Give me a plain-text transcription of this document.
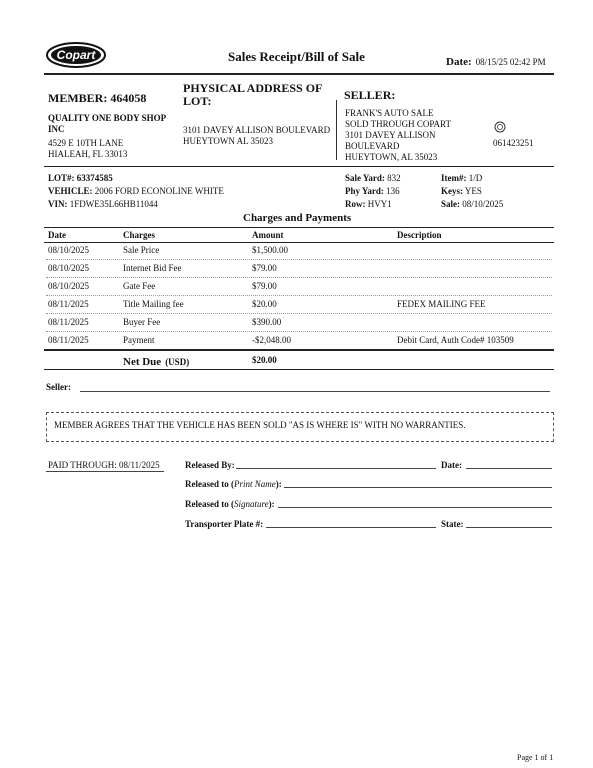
Copart	Sales Receipt/Bill of Sale	Date: 08/15/25 02:42 PM
MEMBER: 464058
QUALITY ONE BODY SHOP
INC
4529 E 10TH LANE
HIALEAH, FL 33013
PHYSICAL ADDRESS OF
LOT:
3101 DAVEY ALLISON BOULEVARD
HUEYTOWN AL 35023
SELLER:
FRANK'S AUTO SALE
SOLD THROUGH COPART
3101 DAVEY ALLISON
BOULEVARD
HUEYTOWN, AL 35023
061423251
LOT#: 63374585
VEHICLE: 2006 FORD ECONOLINE WHITE
VIN: 1FDWE35L66HB11044
Sale Yard: 832
Phy Yard: 136
Row: HVY1
Item#: 1/D
Keys: YES
Sale: 08/10/2025
Charges and Payments
Date	Charges	Amount	Description
08/10/2025	Sale Price	$1,500.00
08/10/2025	Internet Bid Fee	$79.00
08/10/2025	Gate Fee	$79.00
08/11/2025	Title Mailing fee	$20.00	FEDEX MAILING FEE
08/11/2025	Buyer Fee	$390.00
08/11/2025	Payment	-$2,048.00	Debit Card, Auth Code# 103509
Net Due (USD)	$20.00
Seller:
MEMBER AGREES THAT THE VEHICLE HAS BEEN SOLD "AS IS WHERE IS" WITH NO WARRANTIES.
PAID THROUGH: 08/11/2025	Released By:	Date:
Released to (Print Name):
Released to (Signature):
Transporter Plate #:	State:
Page 1 of 1
